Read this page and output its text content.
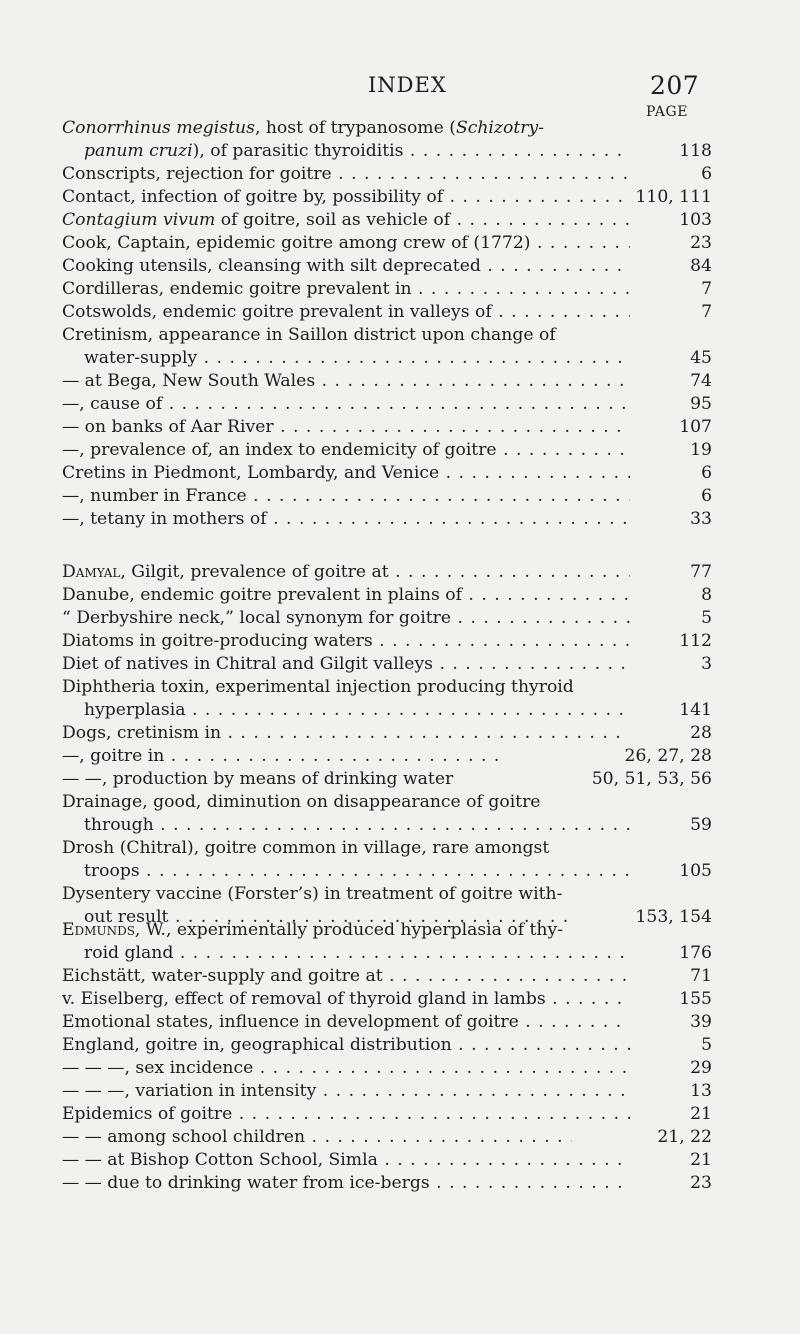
INDEX	207
PAGE
Conorrhinus megistus, host of trypanosome (Schizotry-
panum cruzi), of parasitic thyroiditis . . .	118
Conscripts, rejection for goitre . . .	6
Contact, infection of goitre by, possibility of . . .	110, 111
Contagium vivum of goitre, soil as vehicle of . . .	103
Cook, Captain, epidemic goitre among crew of (1772) . . .	23
Cooking utensils, cleansing with silt deprecated . . .	84
Cordilleras, endemic goitre prevalent in . . .	7
Cotswolds, endemic goitre prevalent in valleys of . . .	7
Cretinism, appearance in Saillon district upon change of
water-supply . . .	45
— at Bega, New South Wales . . .	74
—, cause of . . .	95
— on banks of Aar River . . .	107
—, prevalence of, an index to endemicity of goitre . . .	19
Cretins in Piedmont, Lombardy, and Venice . . .	6
—, number in France . . .	6
—, tetany in mothers of . . .	33
Damyal, Gilgit, prevalence of goitre at . . .	77
Danube, endemic goitre prevalent in plains of . . .	8
“ Derbyshire neck,” local synonym for goitre . . .	5
Diatoms in goitre-producing waters . . .	112
Diet of natives in Chitral and Gilgit valleys . . .	3
Diphtheria toxin, experimental injection producing thyroid
hyperplasia . . .	141
Dogs, cretinism in . . .	28
—, goitre in . . .	26, 27, 28
— —, production by means of drinking water	50, 51, 53, 56
Drainage, good, diminution on disappearance of goitre
through . . .	59
Drosh (Chitral), goitre common in village, rare amongst
troops . . .	105
Dysentery vaccine (Forster’s) in treatment of goitre with-
out result . . .	153, 154
Edmunds, W., experimentally produced hyperplasia of thy-
roid gland . . .	176
Eichstätt, water-supply and goitre at . . .	71
v. Eiselberg, effect of removal of thyroid gland in lambs . . .	155
Emotional states, influence in development of goitre . . .	39
England, goitre in, geographical distribution . . .	5
— — —, sex incidence . . .	29
— — —, variation in intensity . . .	13
Epidemics of goitre . . .	21
— — among school children . . .	21, 22
— — at Bishop Cotton School, Simla . . .	21
— — due to drinking water from ice-bergs . . .	23
